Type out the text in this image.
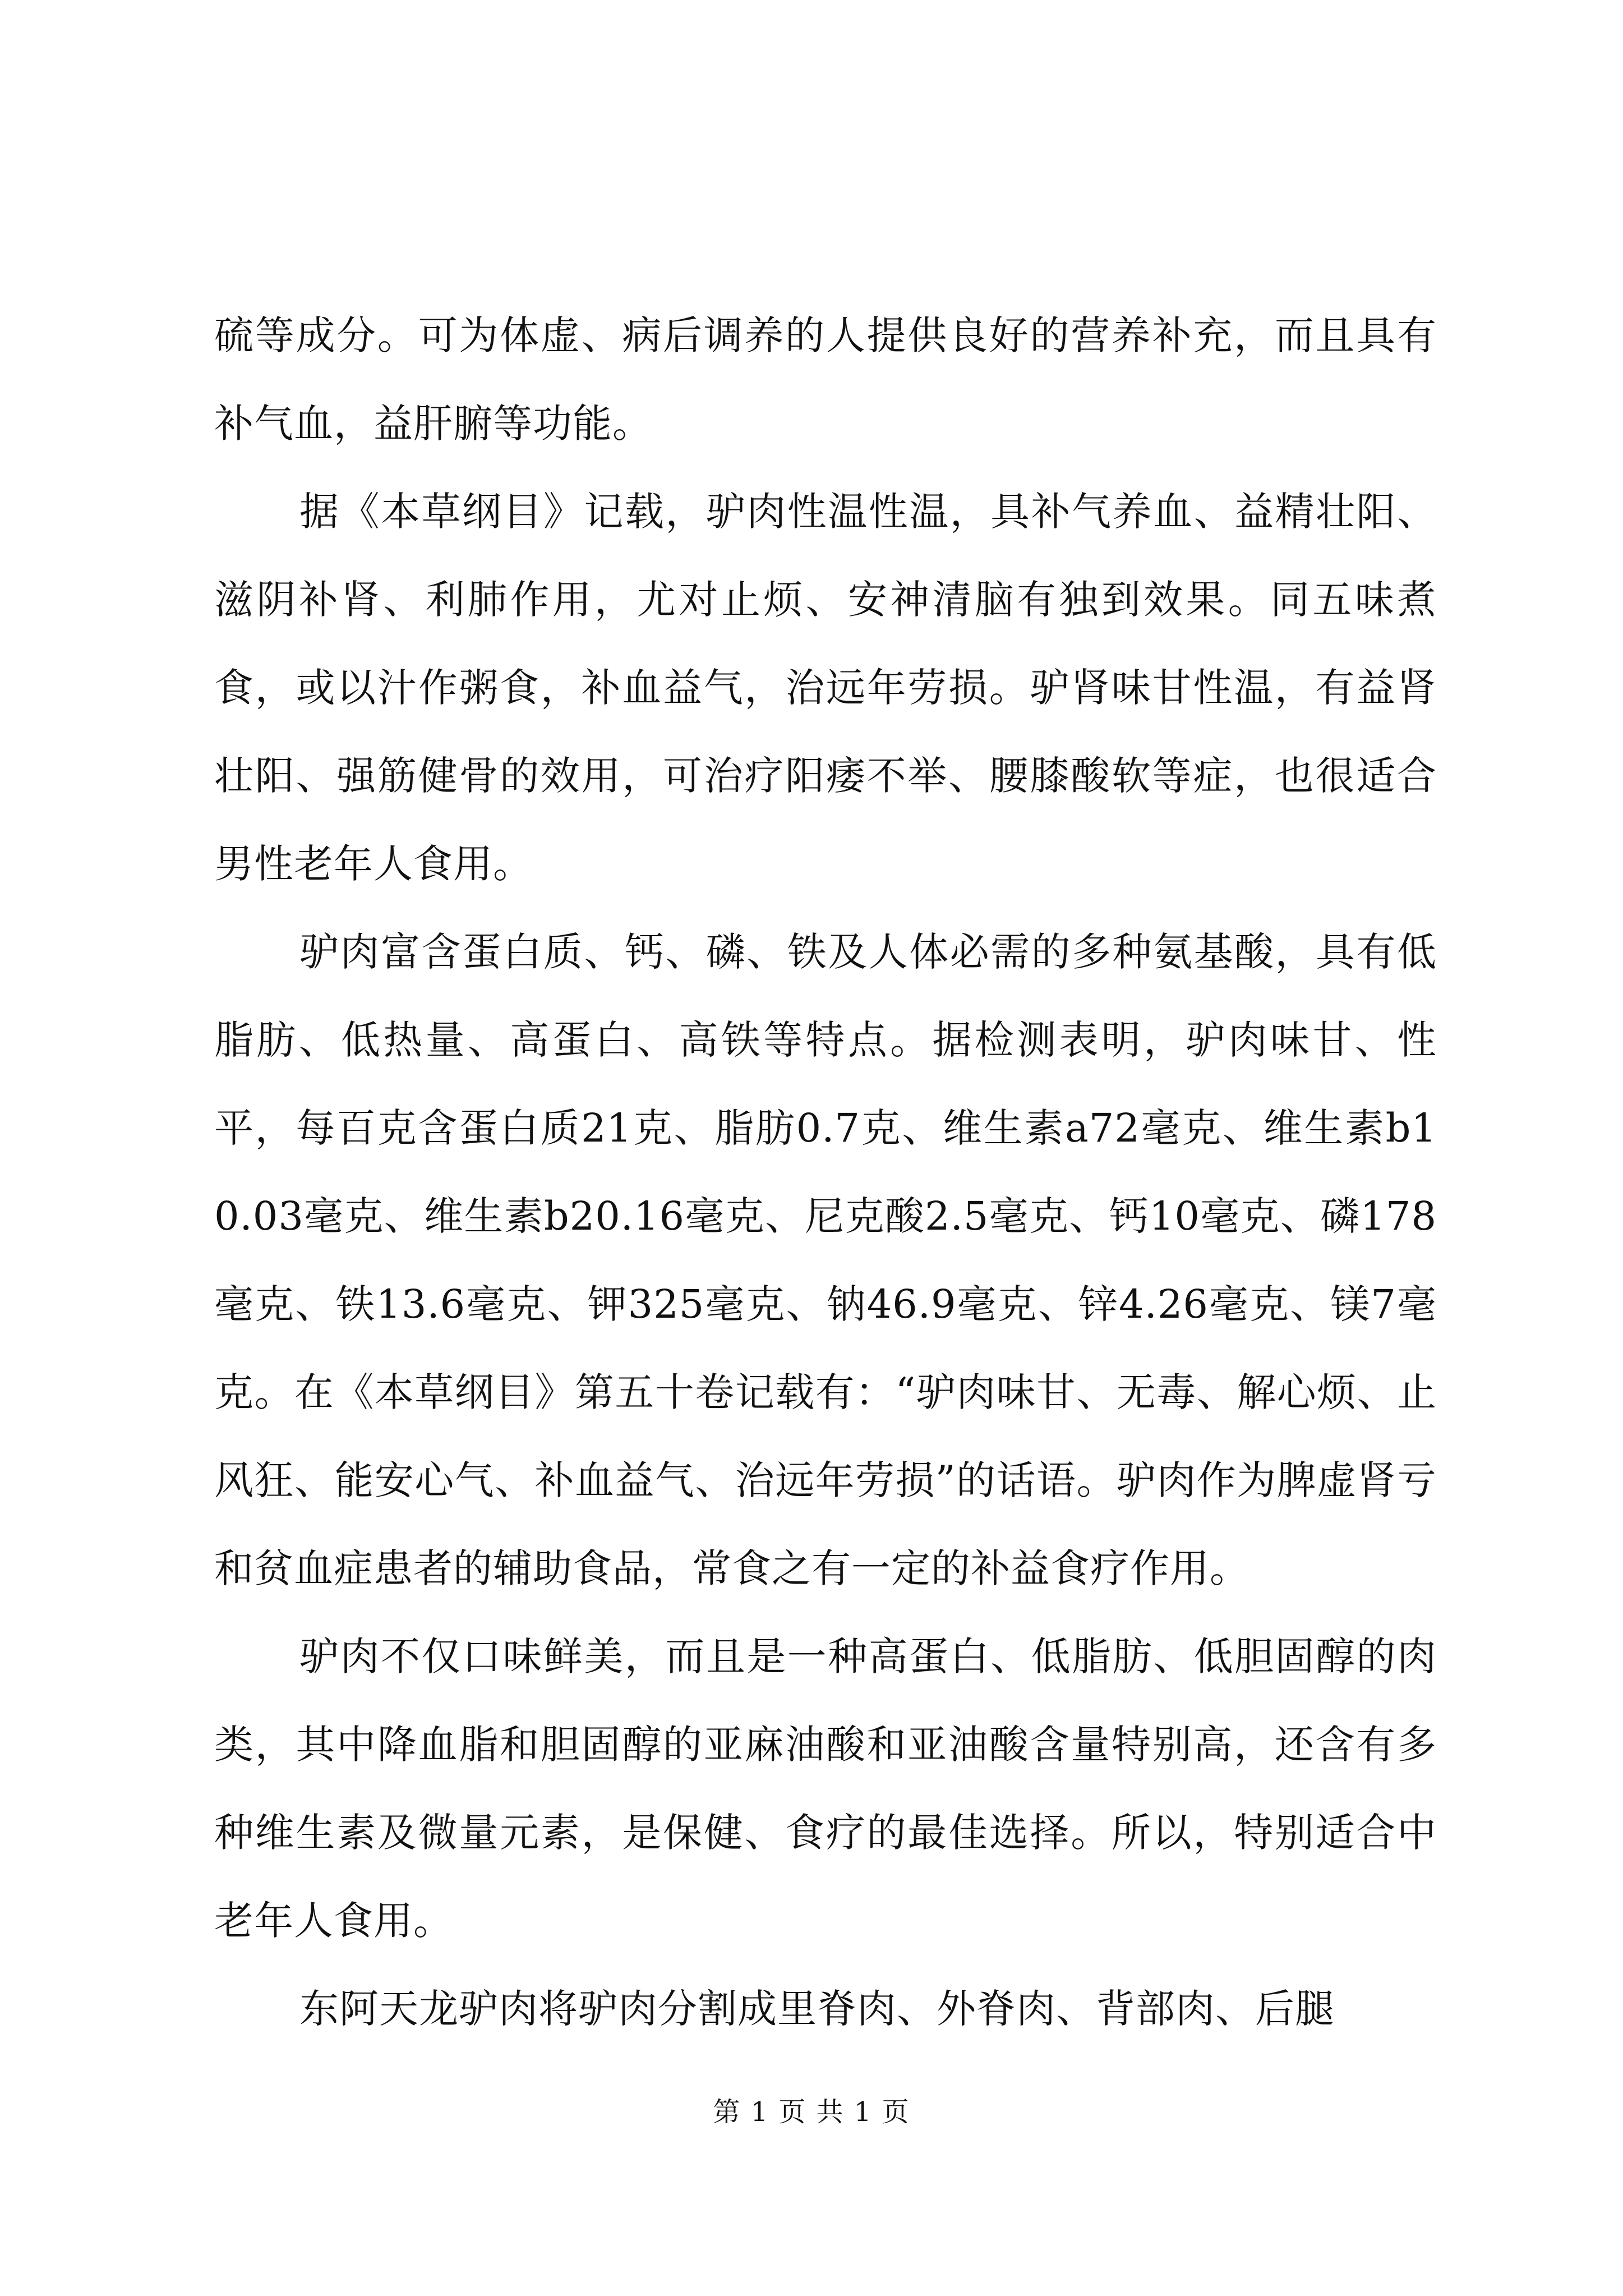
硫等成分。可为体虚、病后调养的人提供良好的营养补充，而且具有补气血，益肝腑等功能。

据《本草纲目》记载，驴肉性温性温，具补气养血、益精壮阳、滋阴补肾、利肺作用，尤对止烦、安神清脑有独到效果。同五味煮食，或以汁作粥食，补血益气，治远年劳损。驴肾味甘性温，有益肾壮阳、强筋健骨的效用，可治疗阳痿不举、腰膝酸软等症，也很适合男性老年人食用。

驴肉富含蛋白质、钙、磷、铁及人体必需的多种氨基酸，具有低脂肪、低热量、高蛋白、高铁等特点。据检测表明，驴肉味甘、性平，每百克含蛋白质21克、脂肪0.7克、维生素a72毫克、维生素b10.03毫克、维生素b20.16毫克、尼克酸2.5毫克、钙10毫克、磷178毫克、铁13.6毫克、钾325毫克、钠46.9毫克、锌4.26毫克、镁7毫克。在《本草纲目》第五十卷记载有：“驴肉味甘、无毒、解心烦、止风狂、能安心气、补血益气、治远年劳损”的话语。驴肉作为脾虚肾亏和贫血症患者的辅助食品，常食之有一定的补益食疗作用。

驴肉不仅口味鲜美，而且是一种高蛋白、低脂肪、低胆固醇的肉类，其中降血脂和胆固醇的亚麻油酸和亚油酸含量特别高，还含有多种维生素及微量元素，是保健、食疗的最佳选择。所以，特别适合中老年人食用。

东阿天龙驴肉将驴肉分割成里脊肉、外脊肉、背部肉、后腿

第 1 页 共 1 页
